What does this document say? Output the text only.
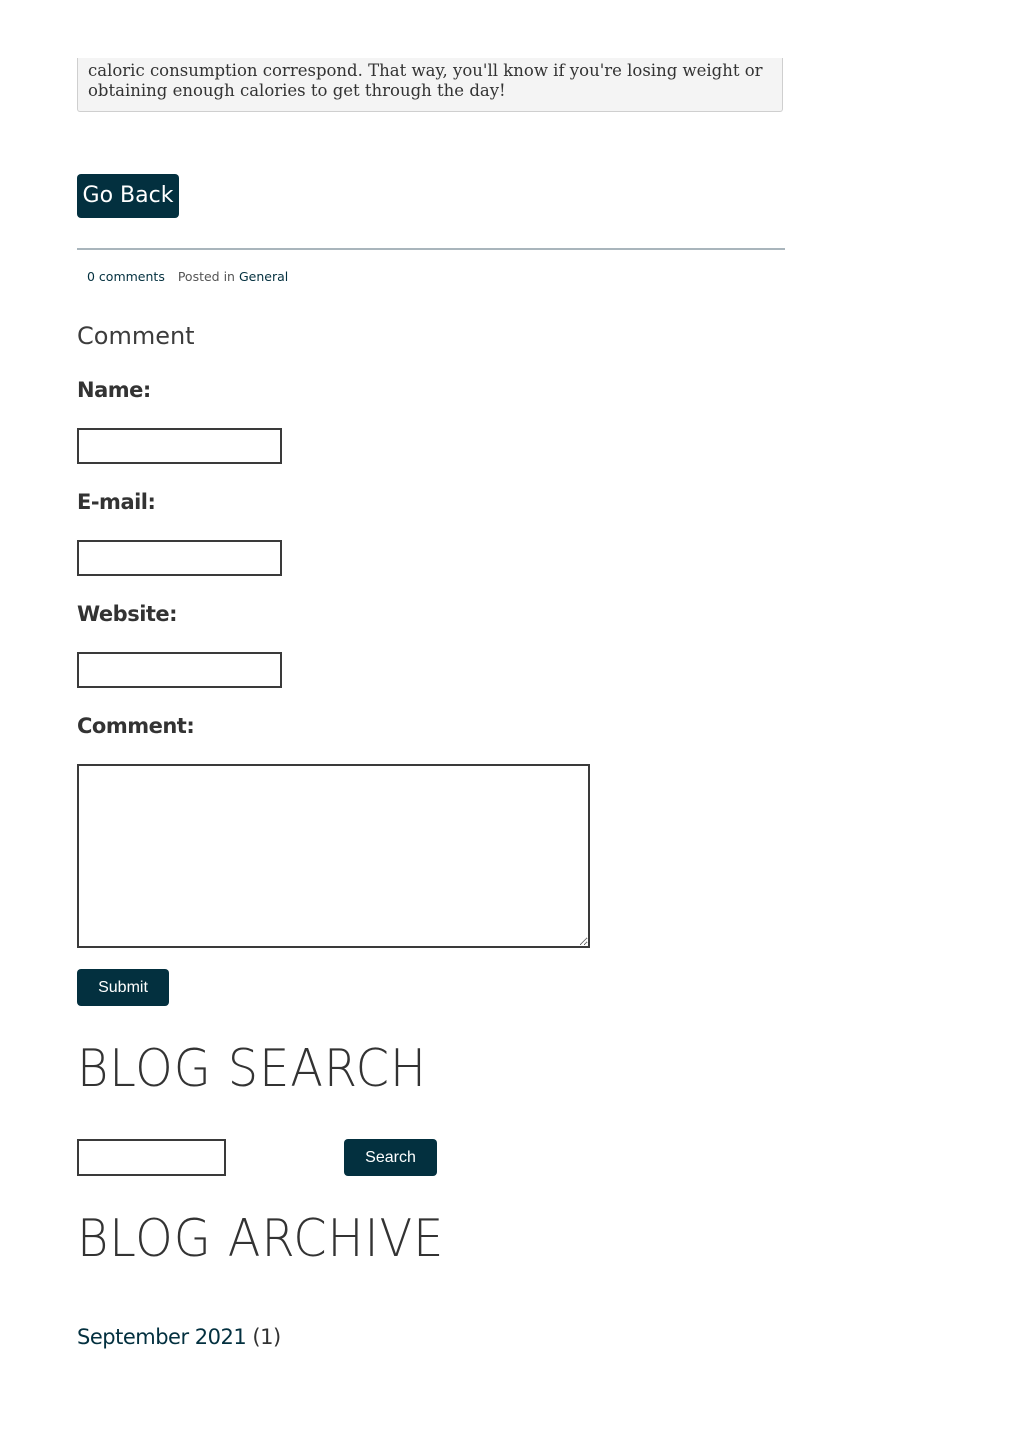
caloric consumption correspond. That way, you'll know if you're losing weight or obtaining enough calories to get through the day!
Go Back
0 comments Posted in General
Comment
Name:
E-mail:
Website:
Comment:
Submit
BLOG SEARCH
Search
BLOG ARCHIVE
September 2021 (1)
